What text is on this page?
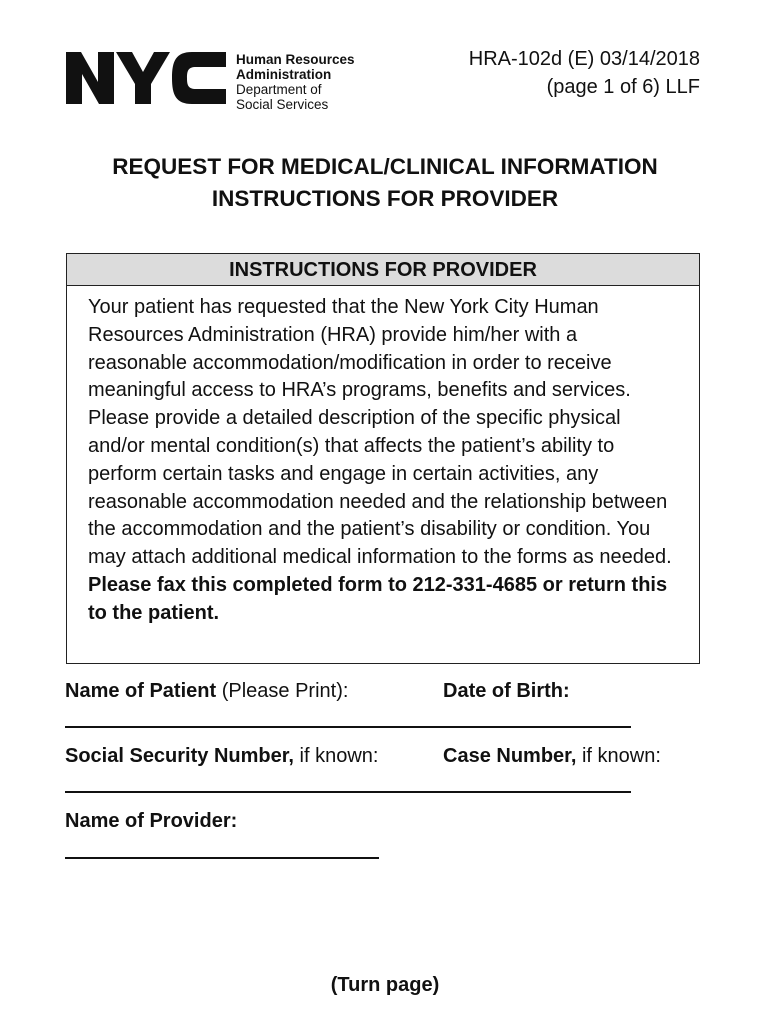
Human Resources
Administration
Department of
Social Services
HRA-102d (E) 03/14/2018
(page 1 of 6) LLF
REQUEST FOR MEDICAL/CLINICAL INFORMATION
INSTRUCTIONS FOR PROVIDER
INSTRUCTIONS FOR PROVIDER

Your patient has requested that the New York City Human Resources Administration (HRA) provide him/her with a reasonable accommodation/modification in order to receive meaningful access to HRA’s programs, benefits and services. Please provide a detailed description of the specific physical and/or mental condition(s) that affects the patient’s ability to perform certain tasks and engage in certain activities, any reasonable accommodation needed and the relationship between the accommodation and the patient’s disability or condition. You may attach additional medical information to the forms as needed.

Please fax this completed form to 212-331-4685 or return this to the patient.

Name of Patient (Please Print):	Date of Birth:
Social Security Number, if known:	Case Number, if known:
Name of Provider:
(Turn page)
